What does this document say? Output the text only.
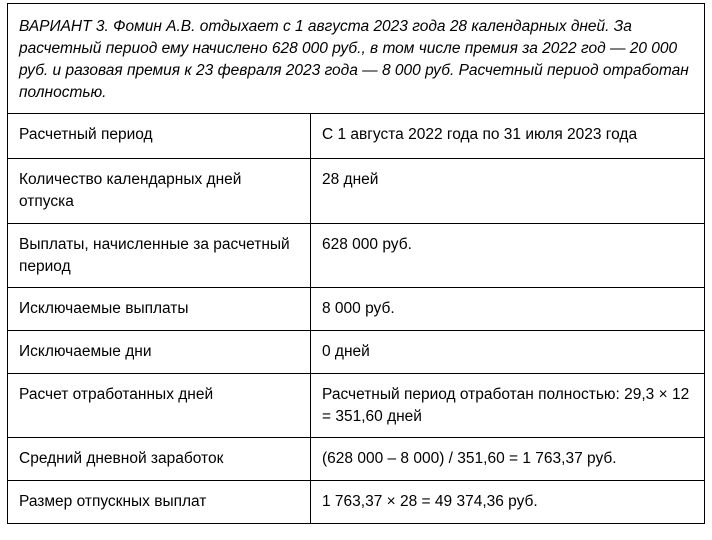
ВАРИАНТ 3. Фомин А.В. отдыхает с 1 августа 2023 года 28 календарных дней. За расчетный период ему начислено 628 000 руб., в том числе премия за 2022 год — 20 000 руб. и разовая премия к 23 февраля 2023 года — 8 000 руб. Расчетный период отработан полностью.
Расчетный период	С 1 августа 2022 года по 31 июля 2023 года
Количество календарных дней отпуска	28 дней
Выплаты, начисленные за расчетный период	628 000 руб.
Исключаемые выплаты	8 000 руб.
Исключаемые дни	0 дней
Расчет отработанных дней	Расчетный период отработан полностью: 29,3 × 12 = 351,60 дней
Средний дневной заработок	(628 000 – 8 000) / 351,60 = 1 763,37 руб.
Размер отпускных выплат	1 763,37 × 28 = 49 374,36 руб.
